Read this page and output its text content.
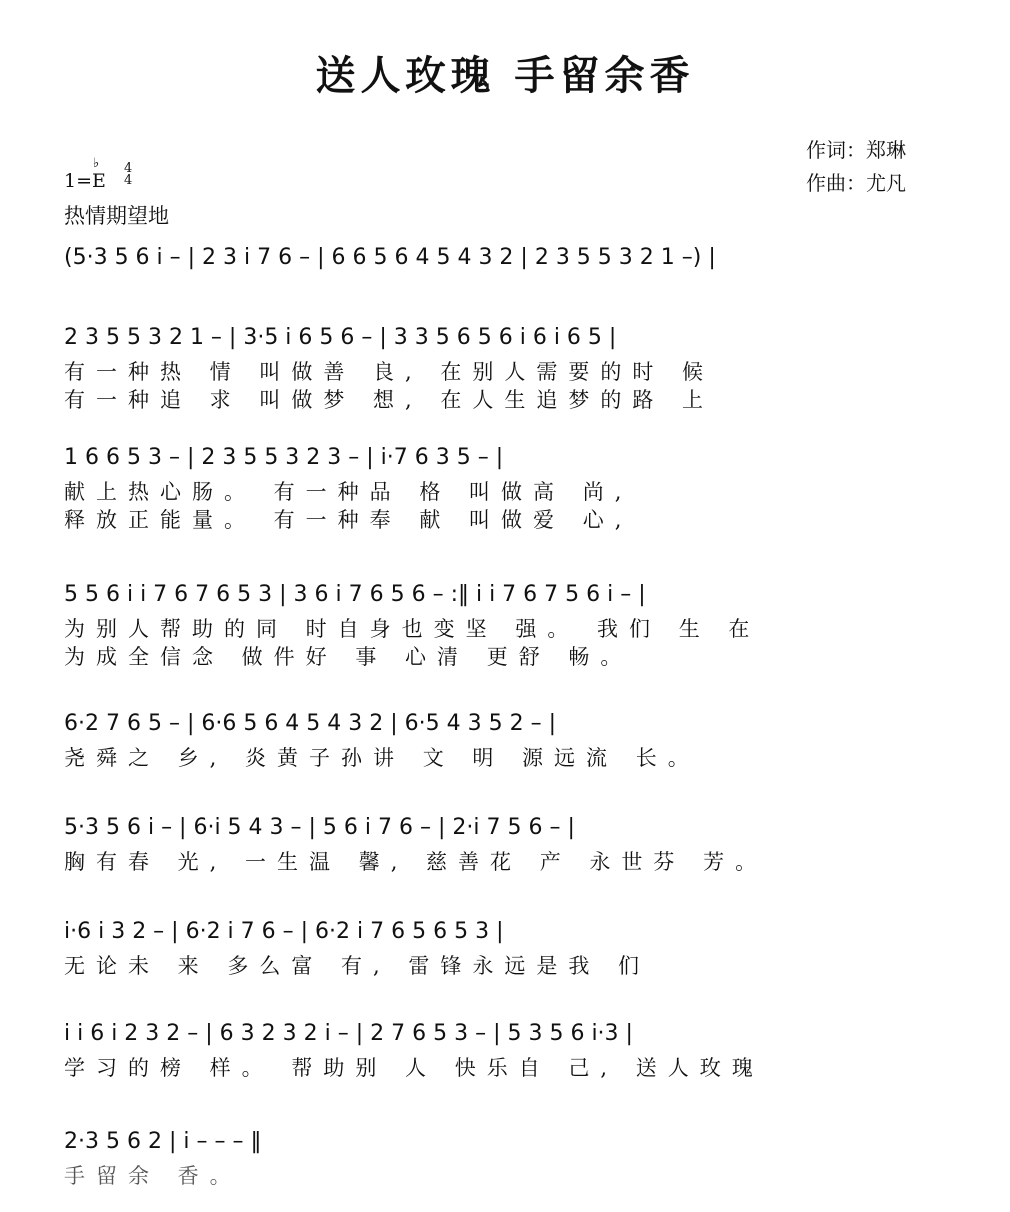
送人玫瑰 手留余香
作词：郑琳
作曲：尤凡
1=E
♭ 4
4
热情期望地
(5·3 5 6 i – | 2 3 i 7 6 – | 6 6 5 6 4 5 4 3 2 | 2 3 5 5 3 2 1 –) |
2 3 5 5 3 2 1 – | 3·5 i 6 5 6 – | 3 3 5 6 5 6 i 6 i 6 5 |
有一种热 情 叫做善 良, 在别人需要的时 候
有一种追 求 叫做梦 想, 在人生追梦的路 上
1 6 6 5 3 – | 2 3 5 5 3 2 3 – | i·7 6 3 5 – |
献上热心肠。 有一种品 格 叫做高 尚,
释放正能量。 有一种奉 献 叫做爱 心,
5 5 6 i i 7 6 7 6 5 3 | 3 6 i 7 6 5 6 – :‖ i i 7 6 7 5 6 i – |
为别人帮助的同 时自身也变坚 强。 我们 生 在
为成全信念 做件好 事 心清 更舒 畅。
6·2 7 6 5 – | 6·6 5 6 4 5 4 3 2 | 6·5 4 3 5 2 – |
尧舜之 乡, 炎黄子孙讲 文 明 源远流 长。
5·3 5 6 i – | 6·i 5 4 3 – | 5 6 i 7 6 – | 2·i 7 5 6 – |
胸有春 光, 一生温 馨, 慈善花 产 永世芬 芳。
i·6 i 3 2 – | 6·2 i 7 6 – | 6·2 i 7 6 5 6 5 3 |
无论未 来 多么富 有, 雷锋永远是我 们
i i 6 i 2 3 2 – | 6 3 2 3 2 i – | 2 7 6 5 3 – | 5 3 5 6 i·3 |
学习的榜 样。 帮助别 人 快乐自 己, 送人玫瑰
2·3 5 6 2 | i – – – ‖
手留余 香。
